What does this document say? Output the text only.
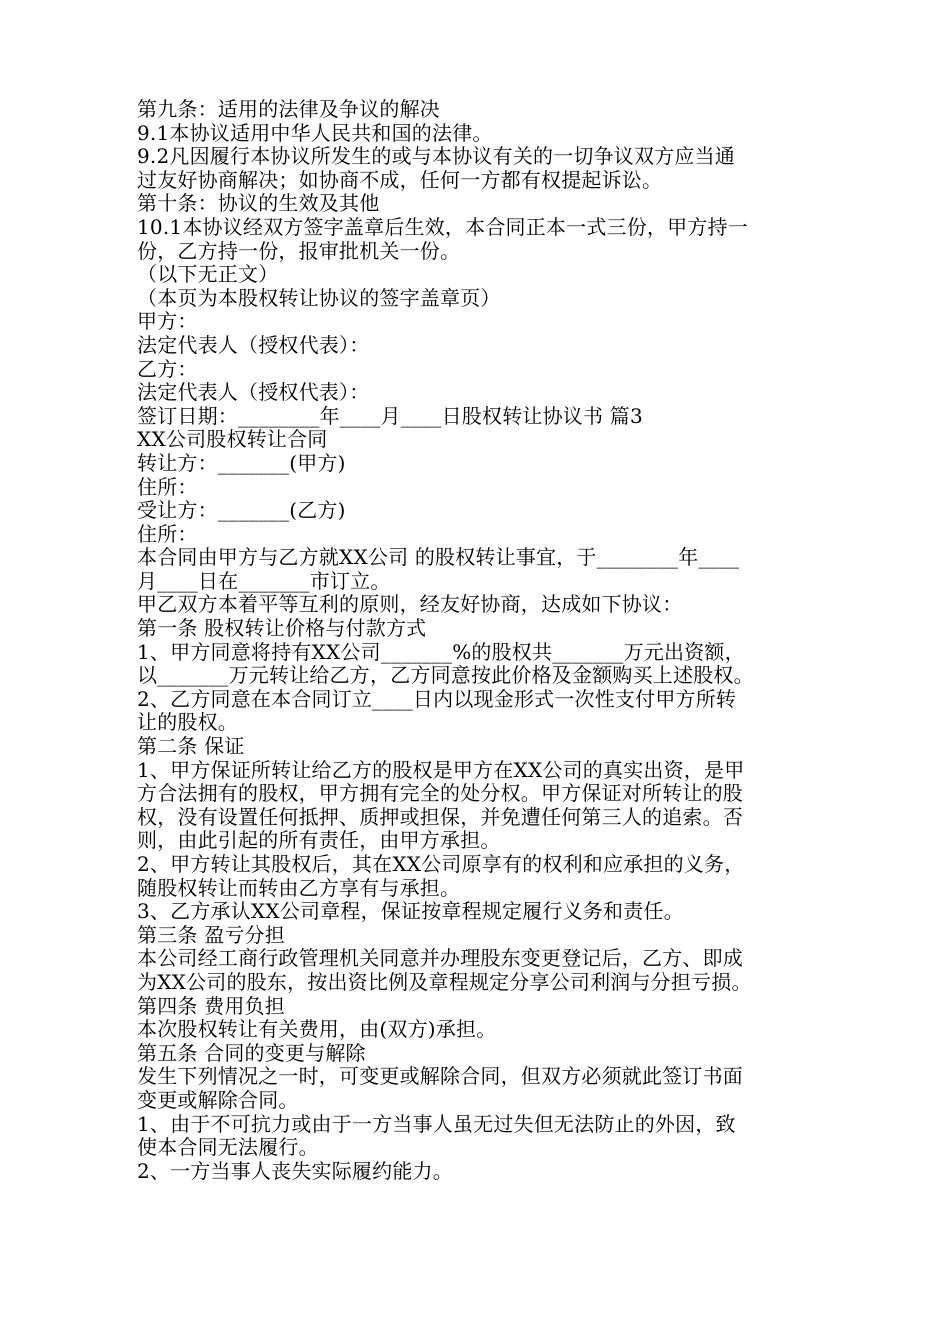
第九条：适用的法律及争议的解决

9.1本协议适用中华人民共和国的法律。

9.2凡因履行本协议所发生的或与本协议有关的一切争议双方应当通

过友好协商解决；如协商不成，任何一方都有权提起诉讼。

第十条：协议的生效及其他

10.1本协议经双方签字盖章后生效，本合同正本一式三份，甲方持一

份，乙方持一份，报审批机关一份。

（以下无正文）

（本页为本股权转让协议的签字盖章页）

甲方：

法定代表人（授权代表）：

乙方：

法定代表人（授权代表）：

签订日期：________年____月____日股权转让协议书 篇3

XX公司股权转让合同

转让方：_______(甲方)

住所：

受让方：_______(乙方)

住所：

本合同由甲方与乙方就XX公司 的股权转让事宜，于________年____

月____日在_______市订立。

甲乙双方本着平等互利的原则，经友好协商，达成如下协议：

第一条 股权转让价格与付款方式

1、甲方同意将持有XX公司_______%的股权共_______万元出资额，

以_______万元转让给乙方，乙方同意按此价格及金额购买上述股权。

2、乙方同意在本合同订立____日内以现金形式一次性支付甲方所转

让的股权。

第二条 保证

1、甲方保证所转让给乙方的股权是甲方在XX公司的真实出资，是甲

方合法拥有的股权，甲方拥有完全的处分权。甲方保证对所转让的股

权，没有设置任何抵押、质押或担保，并免遭任何第三人的追索。否

则，由此引起的所有责任，由甲方承担。

2、甲方转让其股权后，其在XX公司原享有的权利和应承担的义务，

随股权转让而转由乙方享有与承担。

3、乙方承认XX公司章程，保证按章程规定履行义务和责任。

第三条 盈亏分担

本公司经工商行政管理机关同意并办理股东变更登记后，乙方、即成

为XX公司的股东，按出资比例及章程规定分享公司利润与分担亏损。

第四条 费用负担

本次股权转让有关费用，由(双方)承担。

第五条 合同的变更与解除

发生下列情况之一时，可变更或解除合同，但双方必须就此签订书面

变更或解除合同。

1、由于不可抗力或由于一方当事人虽无过失但无法防止的外因，致

使本合同无法履行。

2、一方当事人丧失实际履约能力。
